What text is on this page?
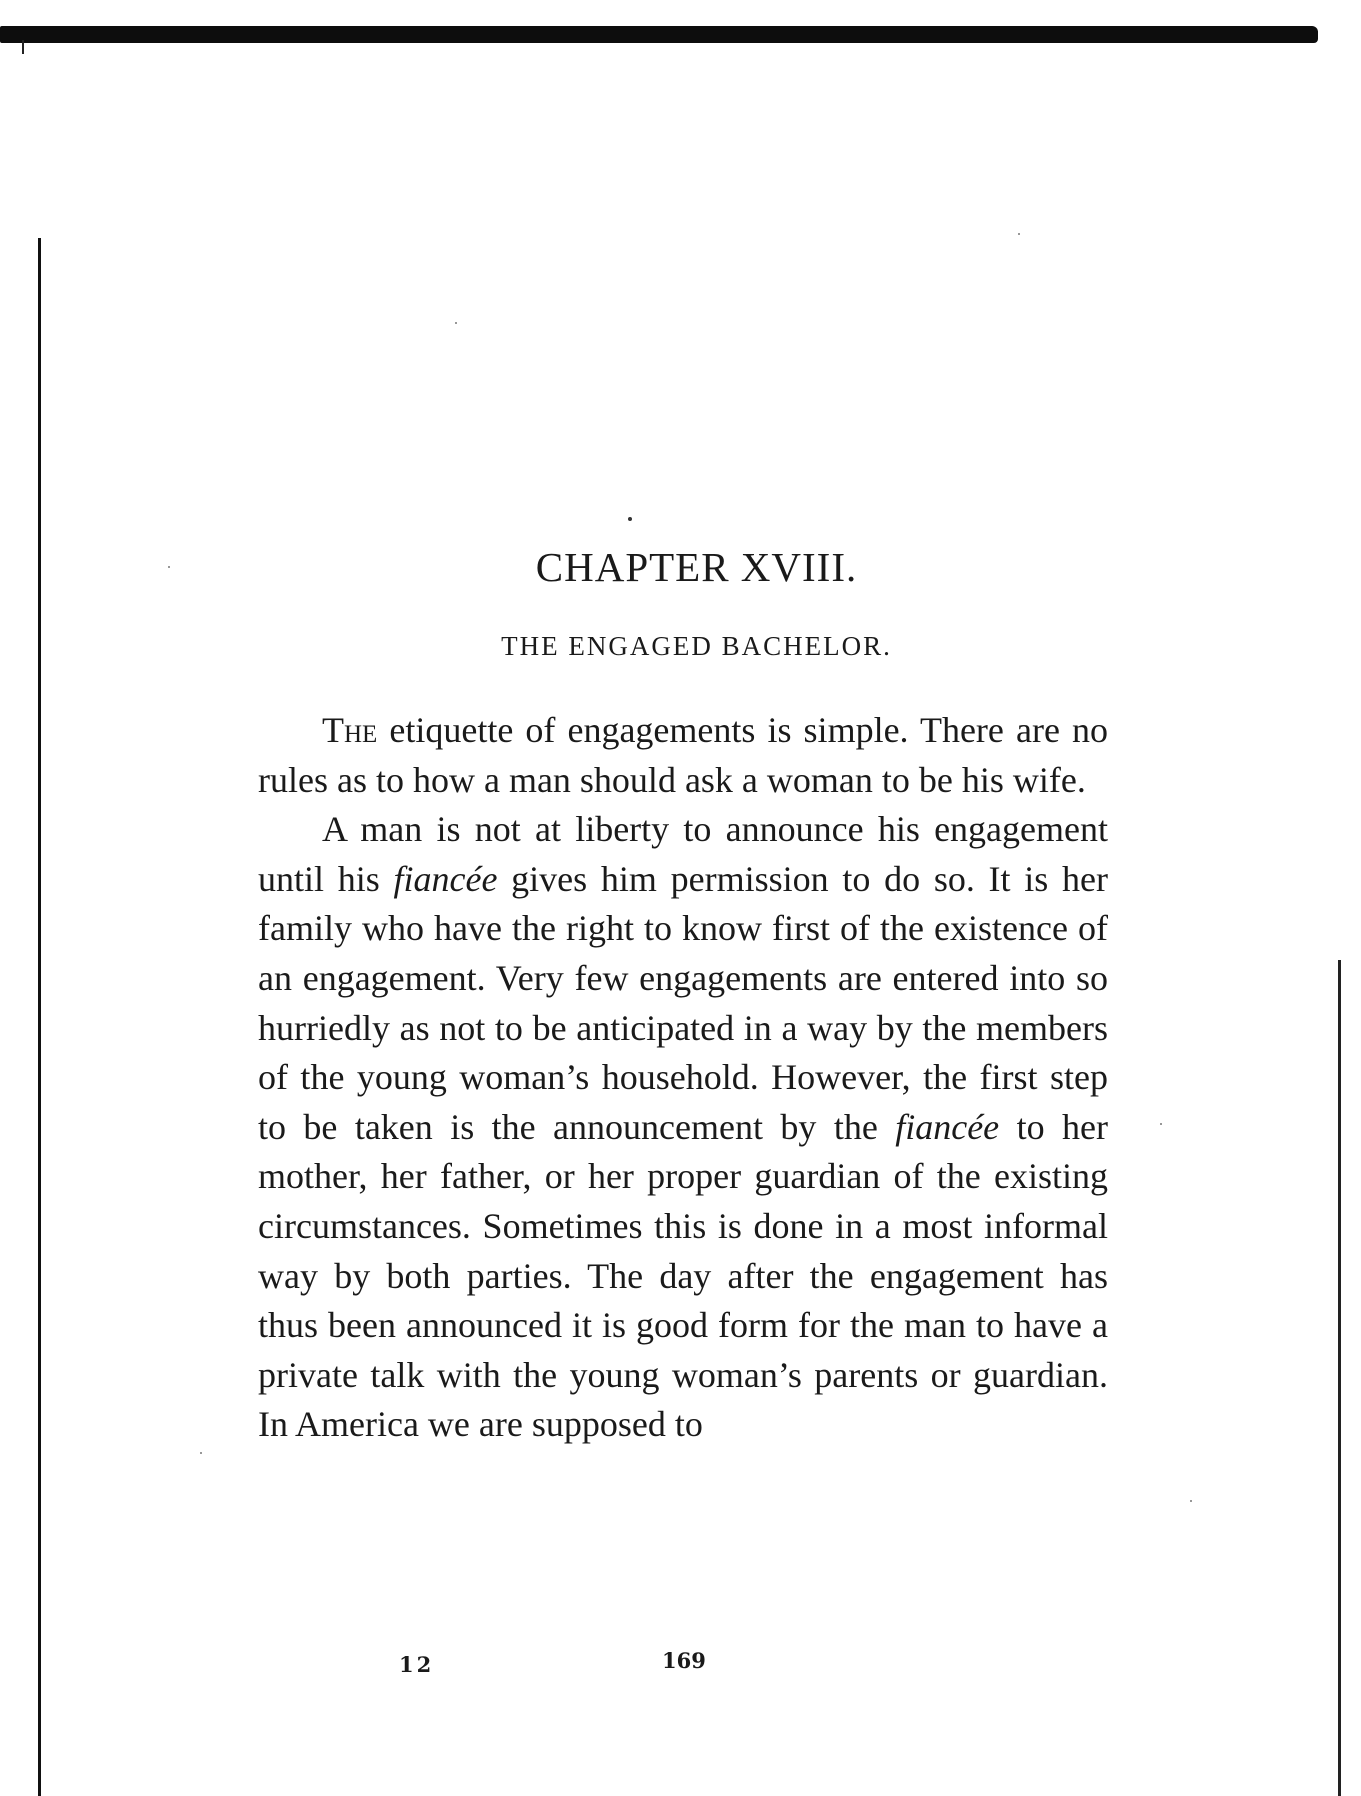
CHAPTER XVIII.
THE ENGAGED BACHELOR.

The etiquette of engagements is simple. There are no rules as to how a man should ask a woman to be his wife.

A man is not at liberty to announce his engagement until his fiancée gives him permission to do so. It is her family who have the right to know first of the existence of an engagement. Very few engagements are entered into so hurriedly as not to be anticipated in a way by the members of the young woman’s household. However, the first step to be taken is the announcement by the fiancée to her mother, her father, or her proper guardian of the existing circumstances. Sometimes this is done in a most informal way by both parties. The day after the engagement has thus been announced it is good form for the man to have a private talk with the young woman’s parents or guardian. In America we are supposed to

12	169
